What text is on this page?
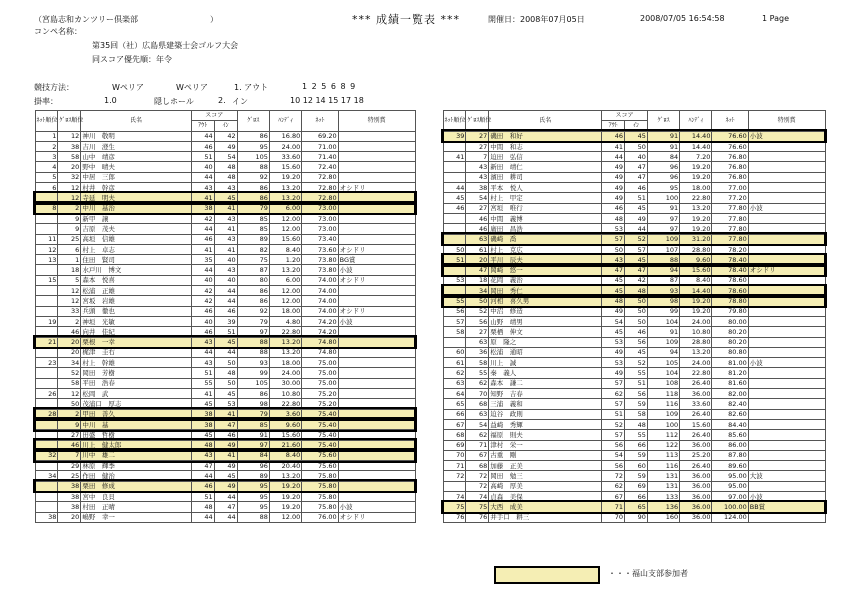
（宮島志和カンツリー倶楽部	）	*** 成績一覧表 ***	開催日：2008年07月05日	2008/07/05 16:54:58	1 Page
コンペ名称：
第35回（社）広島県建築士会ゴルフ大会
同スコア優先順：年令
競技方法：	Wペリア	Wペリア	1. アウト	1 2 5 6 8 9
掛率：	1.0	隠しホール	2. イン	10 12 14 15 17 18
ﾈｯﾄ順位	ｸﾞﾛｽ順位	氏名	スコア		ｸﾞﾛｽ	ﾊﾝﾃﾞｨ	ﾈｯﾄ	特別賞
			ｱｳﾄ	ｲﾝ				
1	12	神川　敬明	44	42	86	16.80	69.20	
2	38	吉川　澄生	46	49	95	24.00	71.00	
3	58	山中　靖彦	51	54	105	33.60	71.40	
4	20	野中　晴夫	40	48	88	15.60	72.40	
5	32	中居　三郎	44	48	92	19.20	72.80	
6	12	村井　幹彦	43	43	86	13.20	72.80	オシドリ
	12	寺延　明夫	41	45	86	13.20	72.80	
8	2	中川　基治	38	41	79	6.00	73.00	
	9	新甲　譲	42	43	85	12.00	73.00	
	9	吉原　茂夫	44	41	85	12.00	73.00	
11	25	高垣　信雄	46	43	89	15.60	73.40	
12	6	村上　卓志	41	41	82	8.40	73.60	オシドリ
13	1	住田　賢司	35	40	75	1.20	73.80	BG賞
	18	水戸川　博文	44	43	87	13.20	73.80	小波
15	5	森本　悦喜	40	40	80	6.00	74.00	オシドリ
	12	松浦　正雄	42	44	86	12.00	74.00	
	12	宮坂　岩雄	42	44	86	12.00	74.00	
	33	兵頭　徹也	46	46	92	18.00	74.00	オシドリ
19	2	神垣　光敏	40	39	79	4.80	74.20	小波
	46	向井　佳紀	46	51	97	22.80	74.20	
21	20	栗根　一幸	43	45	88	13.20	74.80	
	20	梶津　圭右	44	44	88	13.20	74.80	
23	34	村上　幹雄	43	50	93	18.00	75.00	
	52	岡田　芳樹	51	48	99	24.00	75.00	
	58	平田　浩春	55	50	105	30.00	75.00	
26	12	松岡　武	41	45	86	10.80	75.20	
	50	茂浦口　厚志	45	53	98	22.80	75.20	
28	2	甲田　善久	38	41	79	3.60	75.40	
	9	中川　基	38	47	85	9.60	75.40	
	27	田盛　哲樹	45	46	91	15.60	75.40	
	46	川上　健太郎	48	49	97	21.60	75.40	
32	7	川中　雄二	43	41	84	8.40	75.60	
	29	林原　輝季	47	49	96	20.40	75.60	
34	25	作田　健治	44	45	89	13.20	75.80	
	38	栗田　修成	46	49	95	19.20	75.80	
	38	宮中　良貝	51	44	95	19.20	75.80	
	38	村田　正晴	48	47	95	19.20	75.80	小波
38	20	嶋野　幸一	44	44	88	12.00	76.00	オシドリ
ﾈｯﾄ順位	ｸﾞﾛｽ順位	氏名	スコア		ｸﾞﾛｽ	ﾊﾝﾃﾞｨ	ﾈｯﾄ	特別賞
			ｱｳﾄ	ｲﾝ				
39	27	磯田　和好	46	45	91	14.40	76.60	小波
	27	中間　和志	41	50	91	14.40	76.60	
41	7	迫田　弘信	44	40	84	7.20	76.80	
	43	新田　靖仁	49	47	96	19.20	76.80	
	43	濱田　耕司	49	47	96	19.20	76.80	
44	38	平本　悦人	49	46	95	18.00	77.00	
45	54	村上　甲定	49	51	100	22.80	77.20	
46	27	宮垣　唯行	46	45	91	13.20	77.80	小波
	46	中間　義博	48	49	97	19.20	77.80	
	46	廣田　昌浩	53	44	97	19.20	77.80	
	63	磯崎　喬	57	52	109	31.20	77.80	
50	61	村上　克広	50	57	107	28.80	78.20	
51	20	平川　辰夫	43	45	88	9.60	78.40	
	47	岡崎　悠一	47	47	94	15.60	78.40	オシドリ
53	18	花岡　義治	45	42	87	8.40	78.60	
	34	岡田　秀仁	45	48	93	14.40	78.60	
55	50	河相　喜久男	48	50	98	19.20	78.80	
56	52	中沼　修造	49	50	99	19.20	79.80	
57	56	山野　靖男	54	50	104	24.00	80.00	
58	27	栗栖　伸文	45	46	91	10.80	80.20	
	63	原　隆之	53	56	109	28.80	80.20	
60	36	松浦　通昭	49	45	94	13.20	80.80	
61	58	川上　誠	53	52	105	24.00	81.00	小波
62	55	秦　義人	49	55	104	22.80	81.20	
63	62	森本　謙二	57	51	108	26.40	81.60	
64	70	知野　吉春	62	56	118	36.00	82.00	
65	68	三浦　義和	57	59	116	33.60	82.40	
66	63	迫谷　政則	51	58	109	26.40	82.60	
67	54	益崎　秀輝	52	48	100	15.60	84.40	
68	62	福原　則夫	57	55	112	26.40	85.60	
69	71	津村　栄一	56	66	122	36.00	86.00	
70	67	古重　剛	54	59	113	25.20	87.80	
71	68	加藤　正美	56	60	116	26.40	89.60	
72	72	岡田　勉三	72	59	131	36.00	95.00	大波
	72	高崎　厚美	62	69	131	36.00	95.00	
74	74	貞森　美保	67	66	133	36.00	97.00	小波
75	75	大西　成美	71	65	136	36.00	100.00	BB賞
76	76	井手口　耕三	70	90	160	36.00	124.00	
・・・福山支部参加者
